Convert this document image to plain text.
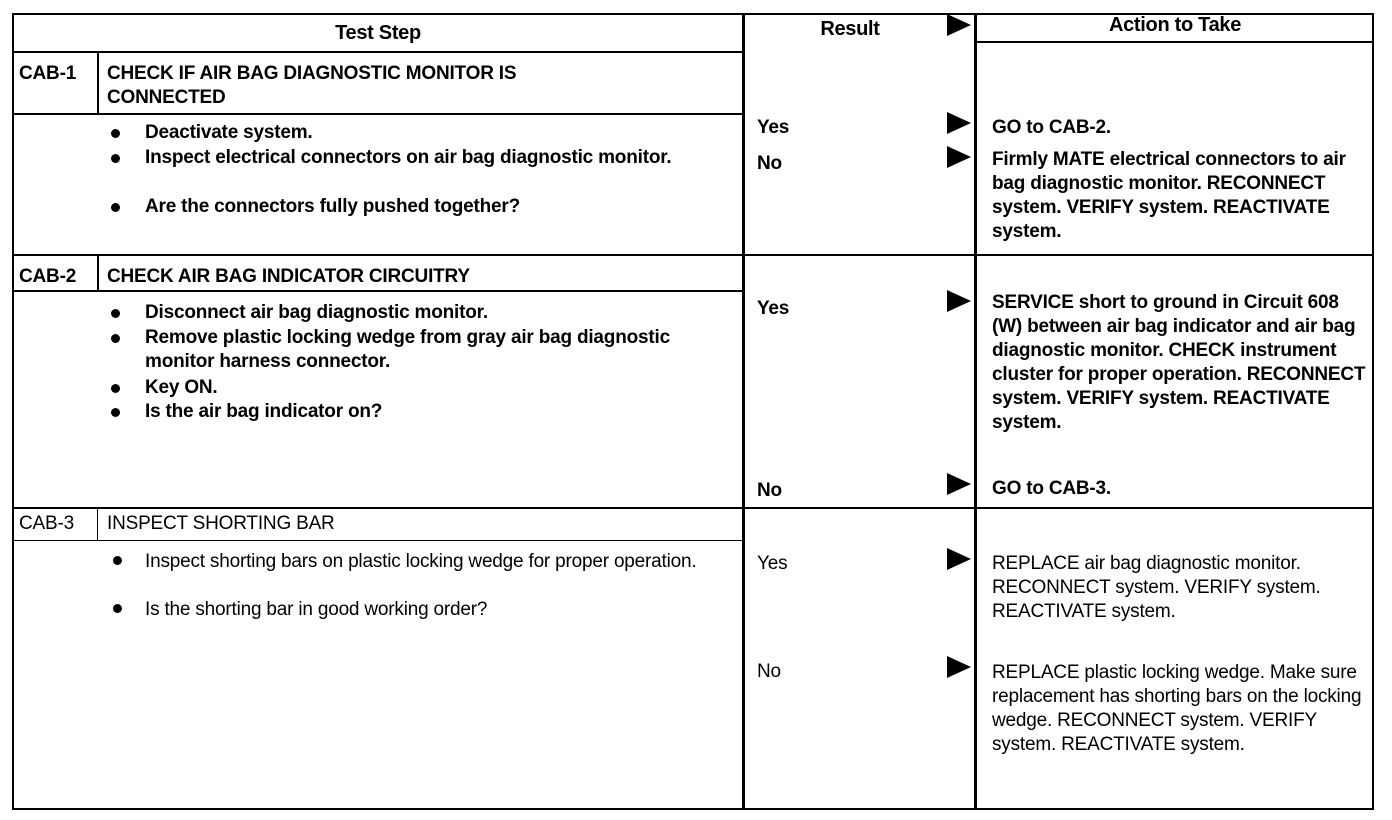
Test Step	Result	Action to Take
CAB-1 CHECK IF AIR BAG DIAGNOSTIC MONITOR IS CONNECTED
Deactivate system.
Inspect electrical connectors on air bag diagnostic monitor.
Are the connectors fully pushed together?
Yes	GO to CAB-2.
No	Firmly MATE electrical connectors to air bag diagnostic monitor. RECONNECT system. VERIFY system. REACTIVATE system.
CAB-2 CHECK AIR BAG INDICATOR CIRCUITRY
Disconnect air bag diagnostic monitor.
Remove plastic locking wedge from gray air bag diagnostic monitor harness connector.
Key ON.
Is the air bag indicator on?
Yes	SERVICE short to ground in Circuit 608 (W) between air bag indicator and air bag diagnostic monitor. CHECK instrument cluster for proper operation. RECONNECT system. VERIFY system. REACTIVATE system.
No	GO to CAB-3.
CAB-3 INSPECT SHORTING BAR
Inspect shorting bars on plastic locking wedge for proper operation.
Is the shorting bar in good working order?
Yes	REPLACE air bag diagnostic monitor. RECONNECT system. VERIFY system. REACTIVATE system.
No	REPLACE plastic locking wedge. Make sure replacement has shorting bars on the locking wedge. RECONNECT system. VERIFY system. REACTIVATE system.
